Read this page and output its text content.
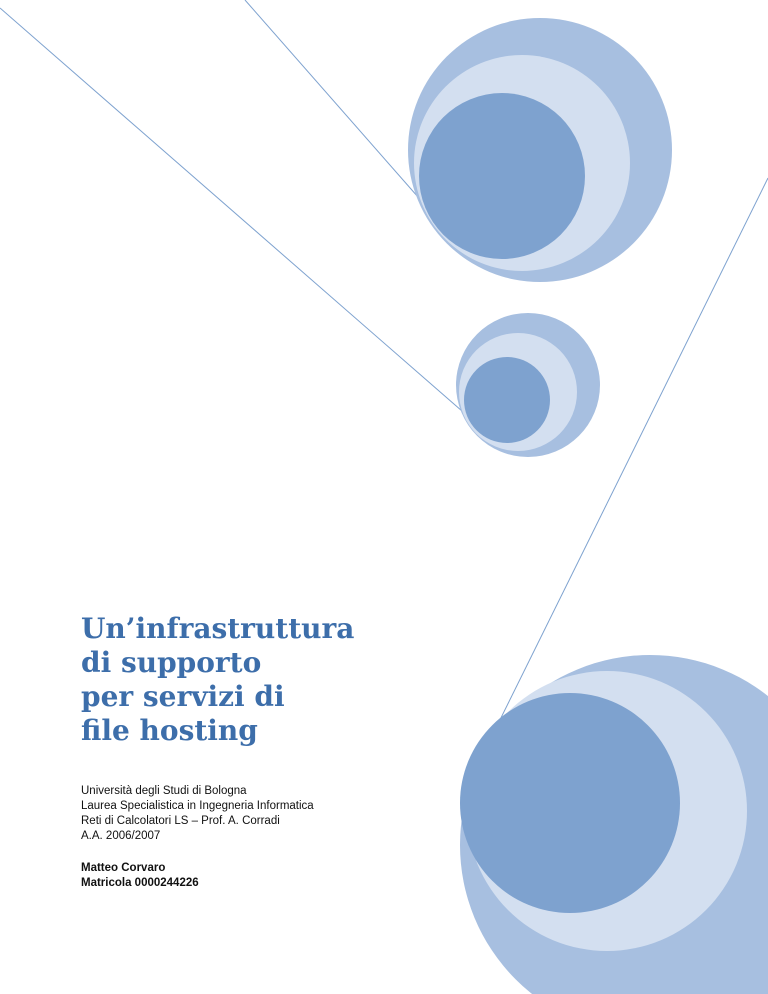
Un’infrastruttura
di supporto
per servizi di
file hosting
Università degli Studi di Bologna
Laurea Specialistica in Ingegneria Informatica
Reti di Calcolatori LS – Prof. A. Corradi
A.A. 2006/2007
Matteo Corvaro
Matricola 0000244226
